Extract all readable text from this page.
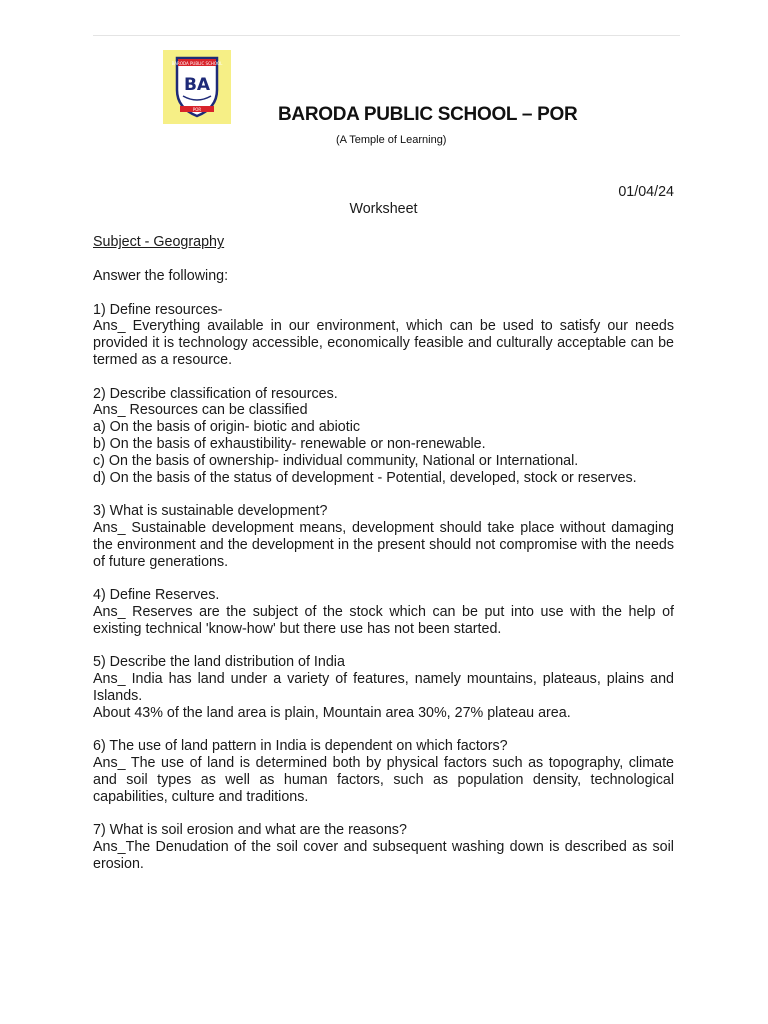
BARODA PUBLIC SCHOOL
BA
POR	BARODA PUBLIC SCHOOL – POR
(A Temple of Learning)

01/04/24

Worksheet

Subject - Geography

Answer the following:

1) Define resources-

Ans_ Everything available in our environment, which can be used to satisfy our needs provided it is technology accessible, economically feasible and culturally acceptable can be termed as a resource.

2) Describe classification of resources.

Ans_ Resources can be classified

a) On the basis of origin- biotic and abiotic

b) On the basis of exhaustibility- renewable or non-renewable.

c) On the basis of ownership- individual community, National or International.

d) On the basis of the status of development - Potential, developed, stock or reserves.

3) What is sustainable development?

Ans_ Sustainable development means, development should take place without damaging the environment and the development in the present should not compromise with the needs of future generations.

4) Define Reserves.

Ans_ Reserves are the subject of the stock which can be put into use with the help of existing technical 'know-how' but there use has not been started.

5) Describe the land distribution of India

Ans_ India has land under a variety of features, namely mountains, plateaus, plains and Islands.

About 43% of the land area is plain, Mountain area 30%, 27% plateau area.

6) The use of land pattern in India is dependent on which factors?

Ans_ The use of land is determined both by physical factors such as topography, climate and soil types as well as human factors, such as population density, technological capabilities, culture and traditions.

7) What is soil erosion and what are the reasons?

Ans_The Denudation of the soil cover and subsequent washing down is described as soil erosion.
